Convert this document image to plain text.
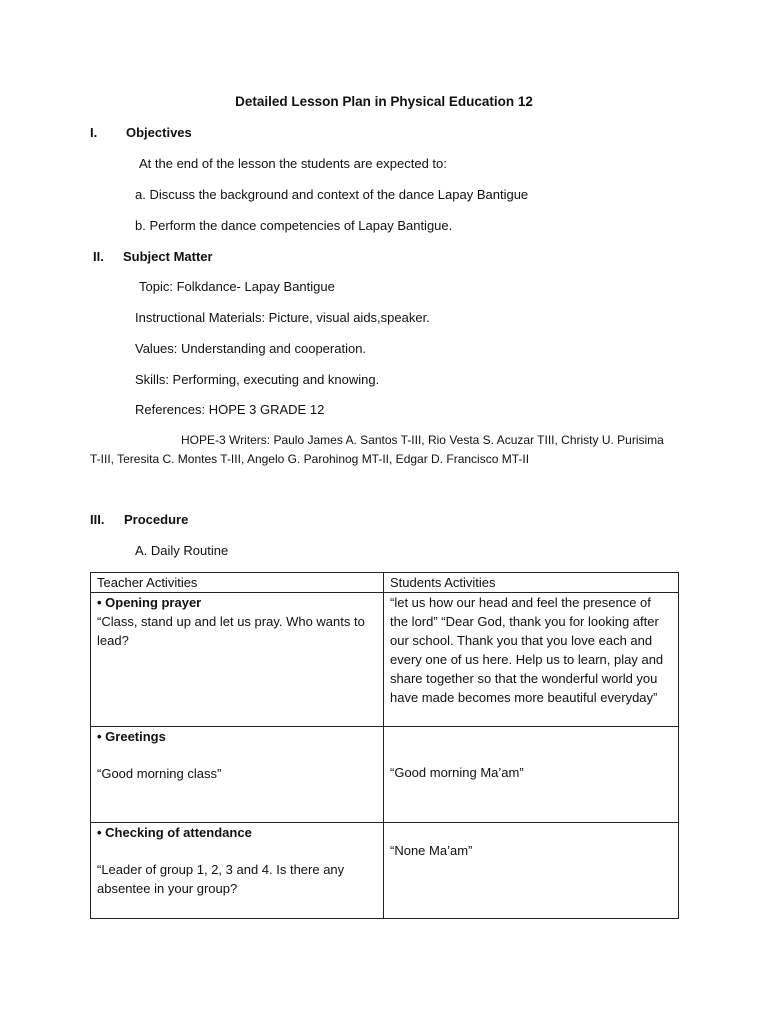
Detailed Lesson Plan in Physical Education 12
I. Objectives
At the end of the lesson the students are expected to:
a. Discuss the background and context of the dance Lapay Bantigue
b. Perform the dance competencies of Lapay Bantigue.
II. Subject Matter
Topic: Folkdance- Lapay Bantigue
Instructional Materials: Picture, visual aids,speaker.
Values: Understanding and cooperation.
Skills: Performing, executing and knowing.
References: HOPE 3 GRADE 12
HOPE-3 Writers: Paulo James A. Santos T-III, Rio Vesta S. Acuzar TIII, Christy U. Purisima
T-III, Teresita C. Montes T-III, Angelo G. Parohinog MT-II, Edgar D. Francisco MT-II
III. Procedure
A. Daily Routine
Teacher Activities	Students Activities

• Opening prayer
“Class, stand up and let us pray. Who wants to lead?	“let us how our head and feel the presence of the lord” “Dear God, thank you for looking after our school. Thank you that you love each and every one of us here. Help us to learn, play and share together so that the wonderful world you have made becomes more beautiful everyday”

• Greetings
“Good morning class”	“Good morning Ma’am”

• Checking of attendance
“Leader of group 1, 2, 3 and 4. Is there any absentee in your group?	“None Ma’am”
